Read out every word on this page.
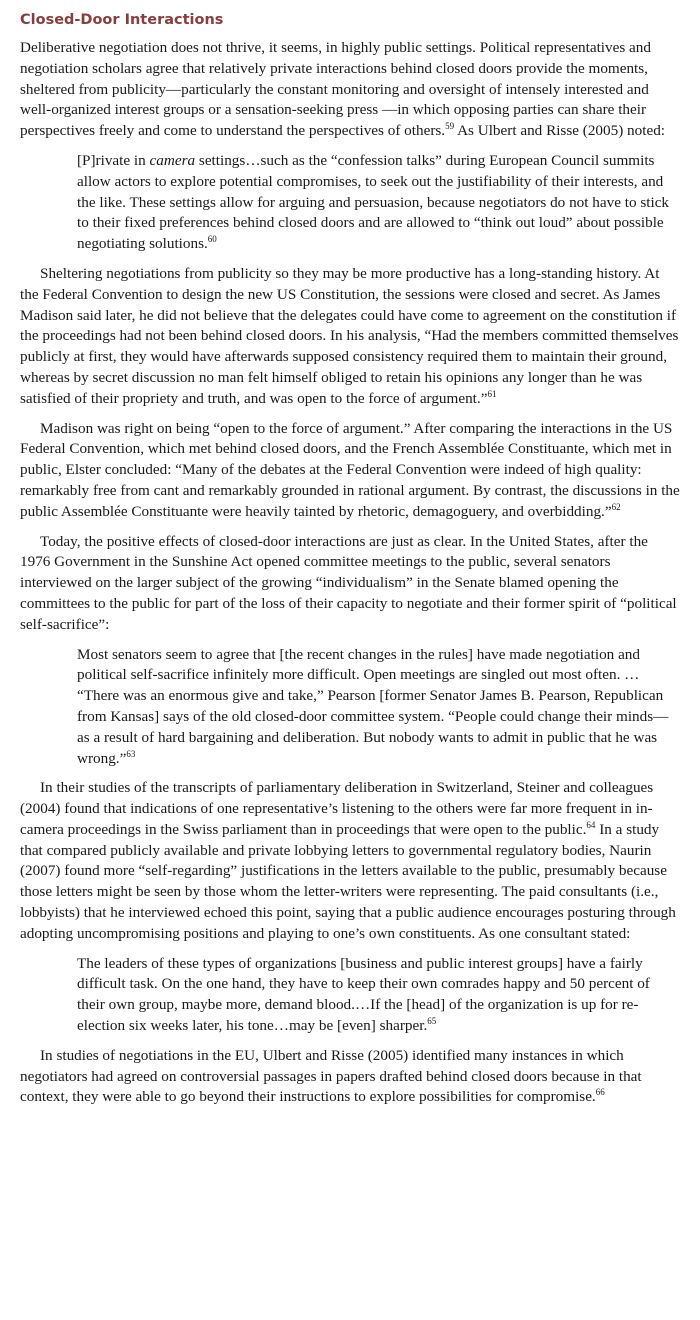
Closed-Door Interactions

Deliberative negotiation does not thrive, it seems, in highly public settings. Political representatives and negotiation scholars agree that relatively private interactions behind closed doors provide the moments, sheltered from publicity—particularly the constant monitoring and oversight of intensely interested and well-organized interest groups or a sensation-seeking press —in which opposing parties can share their perspectives freely and come to understand the perspectives of others.$^{59}$ As Ulbert and Risse (2005) noted:

[P]rivate in camera settings…such as the “confession talks” during European Council summits allow actors to explore potential compromises, to seek out the justifiability of their interests, and the like. These settings allow for arguing and persuasion, because negotiators do not have to stick to their fixed preferences behind closed doors and are allowed to “think out loud” about possible negotiating solutions.$^{60}$

Sheltering negotiations from publicity so they may be more productive has a long-standing history. At the Federal Convention to design the new US Constitution, the sessions were closed and secret. As James Madison said later, he did not believe that the delegates could have come to agreement on the constitution if the proceedings had not been behind closed doors. In his analysis, “Had the members committed themselves publicly at first, they would have afterwards supposed consistency required them to maintain their ground, whereas by secret discussion no man felt himself obliged to retain his opinions any longer than he was satisfied of their propriety and truth, and was open to the force of argument.”$^{61}$

Madison was right on being “open to the force of argument.” After comparing the interactions in the US Federal Convention, which met behind closed doors, and the French Assemblée Constituante, which met in public, Elster concluded: “Many of the debates at the Federal Convention were indeed of high quality: remarkably free from cant and remarkably grounded in rational argument. By contrast, the discussions in the public Assemblée Constituante were heavily tainted by rhetoric, demagoguery, and overbidding.”$^{62}$

Today, the positive effects of closed-door interactions are just as clear. In the United States, after the 1976 Government in the Sunshine Act opened committee meetings to the public, several senators interviewed on the larger subject of the growing “individualism” in the Senate blamed opening the committees to the public for part of the loss of their capacity to negotiate and their former spirit of “political self-sacrifice”:

Most senators seem to agree that [the recent changes in the rules] have made negotiation and political self-sacrifice infinitely more difficult. Open meetings are singled out most often. … “There was an enormous give and take,” Pearson [former Senator James B. Pearson, Republican from Kansas] says of the old closed-door committee system. “People could change their minds—as a result of hard bargaining and deliberation. But nobody wants to admit in public that he was wrong.”$^{63}$

In their studies of the transcripts of parliamentary deliberation in Switzerland, Steiner and colleagues (2004) found that indications of one representative’s listening to the others were far more frequent in in-camera proceedings in the Swiss parliament than in proceedings that were open to the public.$^{64}$ In a study that compared publicly available and private lobbying letters to governmental regulatory bodies, Naurin (2007) found more “self-regarding” justifications in the letters available to the public, presumably because those letters might be seen by those whom the letter-writers were representing. The paid consultants (i.e., lobbyists) that he interviewed echoed this point, saying that a public audience encourages posturing through adopting uncompromising positions and playing to one’s own constituents. As one consultant stated:

The leaders of these types of organizations [business and public interest groups] have a fairly difficult task. On the one hand, they have to keep their own comrades happy and 50 percent of their own group, maybe more, demand blood.…If the [head] of the organization is up for re-election six weeks later, his tone…may be [even] sharper.$^{65}$

In studies of negotiations in the EU, Ulbert and Risse (2005) identified many instances in which negotiators had agreed on controversial passages in papers drafted behind closed doors because in that context, they were able to go beyond their instructions to explore possibilities for compromise.$^{66}$
